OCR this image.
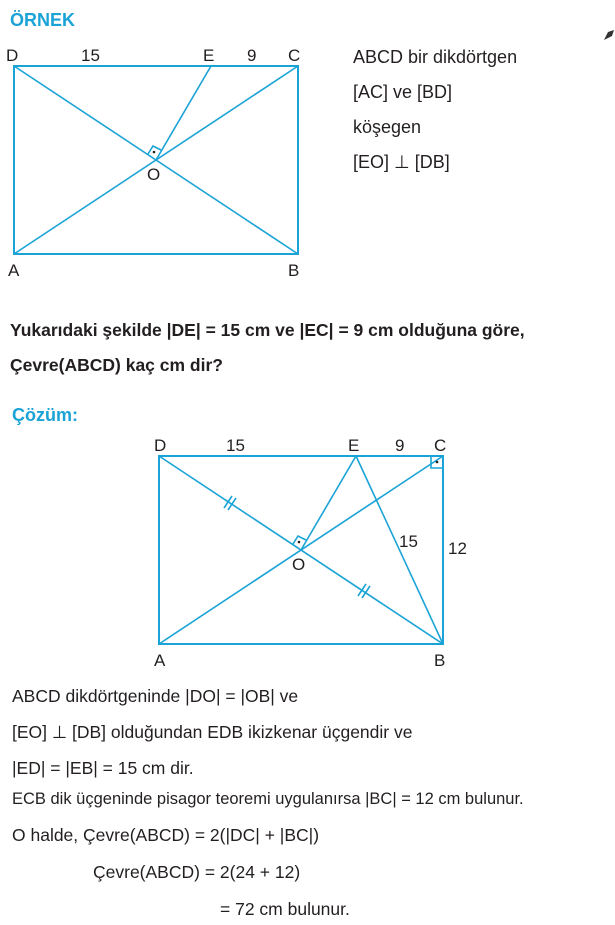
ÖRNEK
D	15	E 9 C
O
A	B
ABCD bir dikdörtgen
[AC] ve [BD]
köşegen
[EO] ⊥ [DB]
Yukarıdaki şekilde |DE| = 15 cm ve |EC| = 9 cm olduğuna göre,
Çevre(ABCD) kaç cm dir?
Çözüm:
D	15	E 9 C
O
15 12
A	B
ABCD dikdörtgeninde |DO| = |OB| ve
[EO] ⊥ [DB] olduğundan EDB ikizkenar üçgendir ve
|ED| = |EB| = 15 cm dir.
ECB dik üçgeninde pisagor teoremi uygulanırsa |BC| = 12 cm bulunur.
O halde, Çevre(ABCD) = 2(|DC| + |BC|)
Çevre(ABCD) = 2(24 + 12)
= 72 cm bulunur.
